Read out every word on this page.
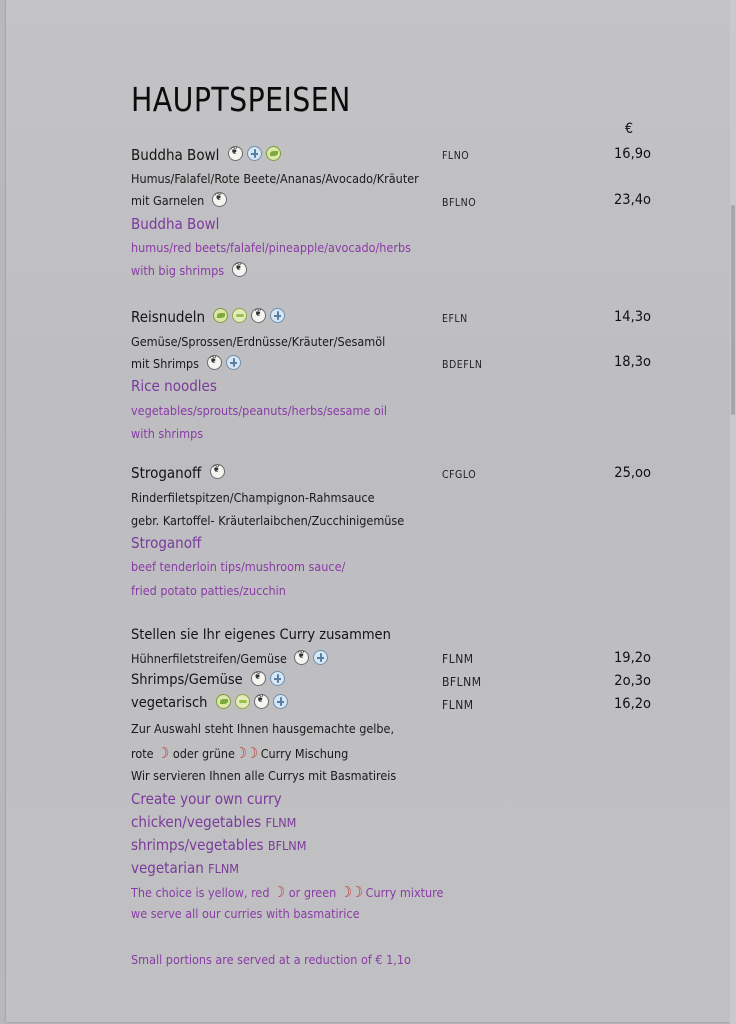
HAUPTSPEISEN
€
Buddha Bowl ❦	FLNO	16,9o
Humus/Falafel/Rote Beete/Ananas/Avocado/Kräuter
mit Garnelen ❦	BFLNO	23,4o
Buddha Bowl
humus/red beets/falafel/pineapple/avocado/herbs
with big shrimps
❦
Reisnudeln ❦	EFLN	14,3o
Gemüse/Sprossen/Erdnüsse/Kräuter/Sesamöl
mit Shrimps ❦	BDEFLN	18,3o
Rice noodles
vegetables/sprouts/peanuts/herbs/sesame oil
with shrimps
Stroganoff ❦	CFGLO	25,oo
Rinderfiletspitzen/Champignon-Rahmsauce
gebr. Kartoffel- Kräuterlaibchen/Zucchinigemüse
Stroganoff
beef tenderloin tips/mushroom sauce/
fried potato patties/zucchin
Stellen sie Ihr eigenes Curry zusammen
Hühnerfiletstreifen/Gemüse ❦	FLNM	19,2o
Shrimps/Gemüse ❦	BFLNM	2o,3o
vegetarisch ❦	FLNM	16,2o
Zur Auswahl steht Ihnen hausgemachte gelbe,
rote ☽ oder grüne☽☽ Curry Mischung
Wir servieren Ihnen alle Currys mit Basmatireis
Create your own curry
chicken/vegetables FLNM
shrimps/vegetables BFLNM
vegetarian FLNM
The choice is yellow, red ☽ or green ☽☽ Curry mixture
we serve all our curries with basmatirice
Small portions are served at a reduction of € 1,1o
